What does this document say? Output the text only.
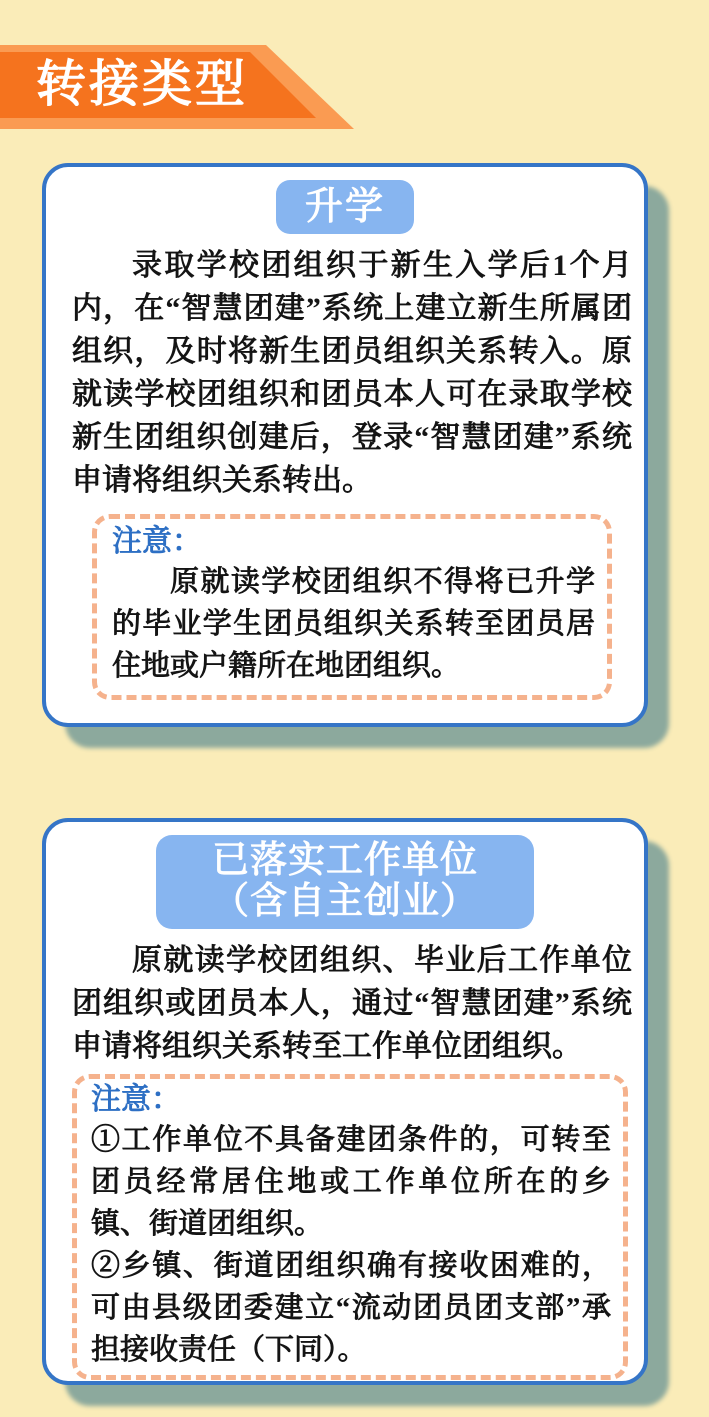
转接类型
升学
录取学校团组织于新生入学后1个月内，在“智慧团建”系统上建立新生所属团组织，及时将新生团员组织关系转入。原就读学校团组织和团员本人可在录取学校新生团组织创建后，登录“智慧团建”系统申请将组织关系转出。
注意：
原就读学校团组织不得将已升学的毕业学生团员组织关系转至团员居住地或户籍所在地团组织。
已落实工作单位
（含自主创业）
原就读学校团组织、毕业后工作单位团组织或团员本人，通过“智慧团建”系统申请将组织关系转至工作单位团组织。
注意：
①工作单位不具备建团条件的，可转至团员经常居住地或工作单位所在的乡镇、街道团组织。
②乡镇、街道团组织确有接收困难的，可由县级团委建立“流动团员团支部”承担接收责任（下同）。
